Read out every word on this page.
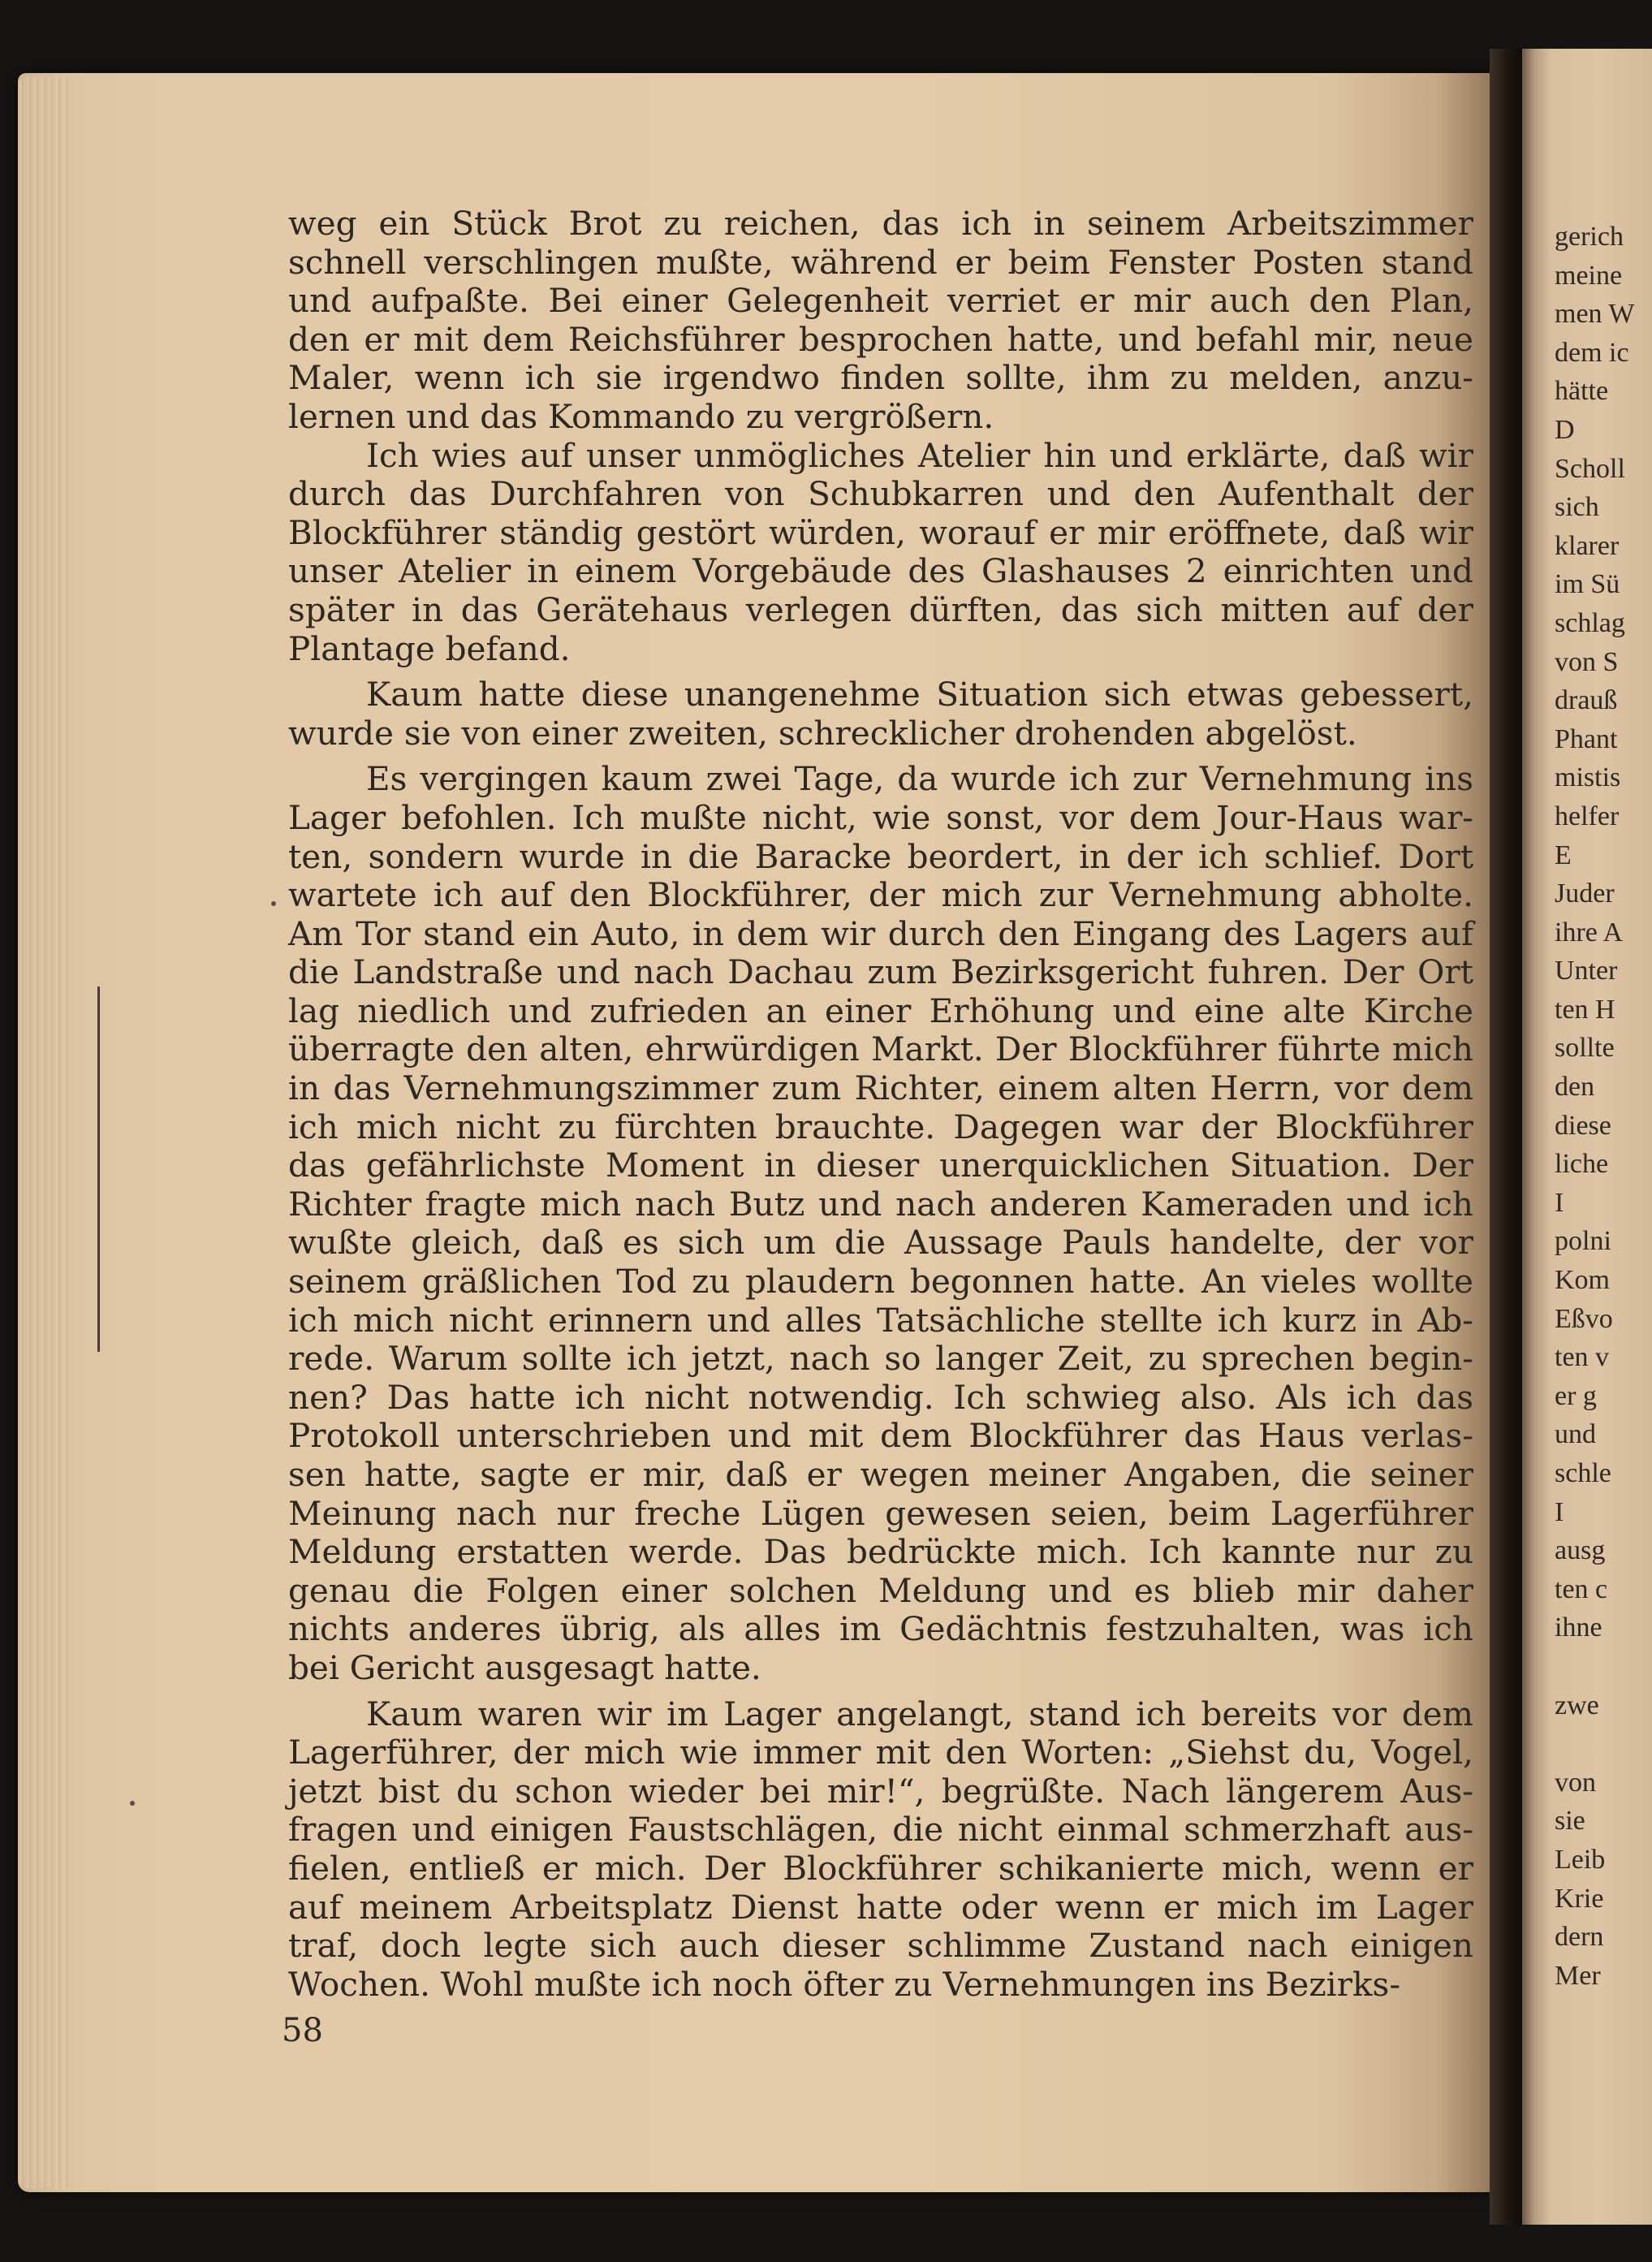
weg ein Stück Brot zu reichen, das ich in seinem Arbeitszimmer
schnell verschlingen mußte, während er beim Fenster Posten stand
und aufpaßte. Bei einer Gelegenheit verriet er mir auch den Plan,
den er mit dem Reichsführer besprochen hatte, und befahl mir, neue
Maler, wenn ich sie irgendwo finden sollte, ihm zu melden, anzu-
lernen und das Kommando zu vergrößern.

Ich wies auf unser unmögliches Atelier hin und erklärte, daß wir
durch das Durchfahren von Schubkarren und den Aufenthalt der
Blockführer ständig gestört würden, worauf er mir eröffnete, daß wir
unser Atelier in einem Vorgebäude des Glashauses 2 einrichten und
später in das Gerätehaus verlegen dürften, das sich mitten auf der
Plantage befand.

Kaum hatte diese unangenehme Situation sich etwas gebessert,
wurde sie von einer zweiten, schrecklicher drohenden abgelöst.

Es vergingen kaum zwei Tage, da wurde ich zur Vernehmung ins
Lager befohlen. Ich mußte nicht, wie sonst, vor dem Jour-Haus war-
ten, sondern wurde in die Baracke beordert, in der ich schlief. Dort
wartete ich auf den Blockführer, der mich zur Vernehmung abholte.
Am Tor stand ein Auto, in dem wir durch den Eingang des Lagers auf
die Landstraße und nach Dachau zum Bezirksgericht fuhren. Der Ort
lag niedlich und zufrieden an einer Erhöhung und eine alte Kirche
überragte den alten, ehrwürdigen Markt. Der Blockführer führte mich
in das Vernehmungszimmer zum Richter, einem alten Herrn, vor dem
ich mich nicht zu fürchten brauchte. Dagegen war der Blockführer
das gefährlichste Moment in dieser unerquicklichen Situation. Der
Richter fragte mich nach Butz und nach anderen Kameraden und ich
wußte gleich, daß es sich um die Aussage Pauls handelte, der vor
seinem gräßlichen Tod zu plaudern begonnen hatte. An vieles wollte
ich mich nicht erinnern und alles Tatsächliche stellte ich kurz in Ab-
rede. Warum sollte ich jetzt, nach so langer Zeit, zu sprechen begin-
nen? Das hatte ich nicht notwendig. Ich schwieg also. Als ich das
Protokoll unterschrieben und mit dem Blockführer das Haus verlas-
sen hatte, sagte er mir, daß er wegen meiner Angaben, die seiner
Meinung nach nur freche Lügen gewesen seien, beim Lagerführer
Meldung erstatten werde. Das bedrückte mich. Ich kannte nur zu
genau die Folgen einer solchen Meldung und es blieb mir daher
nichts anderes übrig, als alles im Gedächtnis festzuhalten, was ich
bei Gericht ausgesagt hatte.

Kaum waren wir im Lager angelangt, stand ich bereits vor dem
Lagerführer, der mich wie immer mit den Worten: „Siehst du, Vogel,
jetzt bist du schon wieder bei mir!“, begrüßte. Nach längerem Aus-
fragen und einigen Faustschlägen, die nicht einmal schmerzhaft aus-
fielen, entließ er mich. Der Blockführer schikanierte mich, wenn er
auf meinem Arbeitsplatz Dienst hatte oder wenn er mich im Lager
traf, doch legte sich auch dieser schlimme Zustand nach einigen
Wochen. Wohl mußte ich noch öfter zu Vernehmungen ins Bezirks-

58
gerich
meine
men W
dem ic
hätte
D
Scholl
sich
klarer
im Sü
schlag
von S
drauß
Phant
mistis
helfer
E
Juder
ihre A
Unter
ten H
sollte
den
diese
liche
I
polni
Kom
Eßvo
ten v
er g
und
schle
I
ausg
ten c
ihne
zwe
von
sie
Leib
Krie
dern
Mer
